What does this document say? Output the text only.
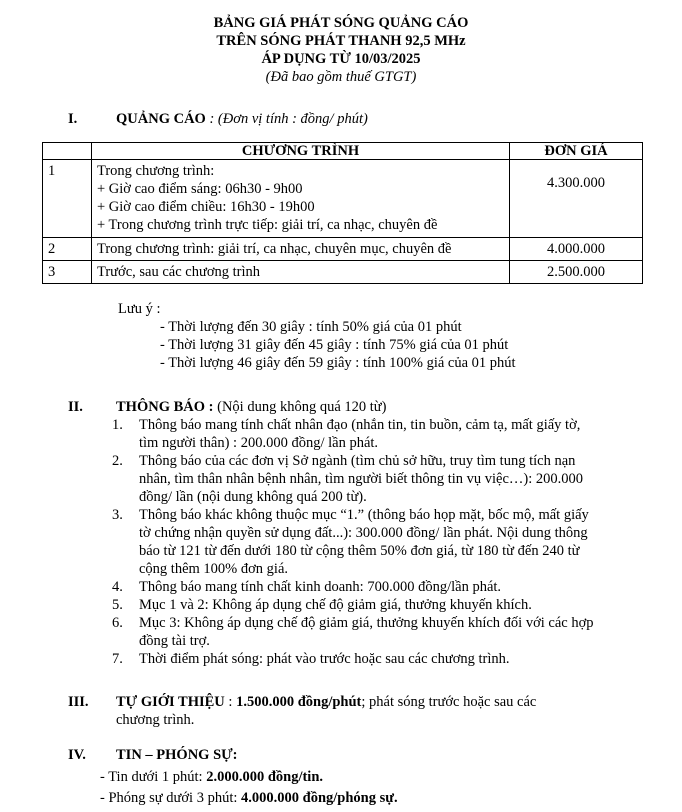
BẢNG GIÁ PHÁT SÓNG QUẢNG CÁO
TRÊN SÓNG PHÁT THANH 92,5 MHz
ÁP DỤNG TỪ 10/03/2025
(Đã bao gồm thuế GTGT)
I.	QUẢNG CÁO : (Đơn vị tính : đồng/ phút)
	CHƯƠNG TRÌNH	ĐƠN GIÁ
1	Trong chương trình:
+ Giờ cao điểm sáng: 06h30 - 9h00
+ Giờ cao điểm chiều: 16h30 - 19h00
+ Trong chương trình trực tiếp: giải trí, ca nhạc, chuyên đề	4.300.000
2	Trong chương trình: giải trí, ca nhạc, chuyên mục, chuyên đề	4.000.000
3	Trước, sau các chương trình	2.500.000
Lưu ý :
- Thời lượng đến 30 giây : tính 50% giá của 01 phút
- Thời lượng 31 giây đến 45 giây : tính 75% giá của 01 phút
- Thời lượng 46 giây đến 59 giây : tính 100% giá của 01 phút
II. THÔNG BÁO : (Nội dung không quá 120 từ)
1. Thông báo mang tính chất nhân đạo (nhắn tin, tin buồn, cảm tạ, mất giấy tờ, tìm người thân) : 200.000 đồng/ lần phát.
2. Thông báo của các đơn vị Sở ngành (tìm chủ sở hữu, truy tìm tung tích nạn nhân, tìm thân nhân bệnh nhân, tìm người biết thông tin vụ việc…): 200.000 đồng/ lần (nội dung không quá 200 từ).
3. Thông báo khác không thuộc mục “1.” (thông báo họp mặt, bốc mộ, mất giấy tờ chứng nhận quyền sử dụng đất...): 300.000 đồng/ lần phát. Nội dung thông báo từ 121 từ đến dưới 180 từ cộng thêm 50% đơn giá, từ 180 từ đến 240 từ cộng thêm 100% đơn giá.
4. Thông báo mang tính chất kinh doanh: 700.000 đồng/lần phát.
5. Mục 1 và 2: Không áp dụng chế độ giảm giá, thưởng khuyến khích.
6. Mục 3: Không áp dụng chế độ giảm giá, thưởng khuyến khích đối với các hợp đồng tài trợ.
7. Thời điểm phát sóng: phát vào trước hoặc sau các chương trình.
III. TỰ GIỚI THIỆU : 1.500.000 đồng/phút; phát sóng trước hoặc sau các
chương trình.
IV. TIN – PHÓNG SỰ:
- Tin dưới 1 phút: 2.000.000 đồng/tin.
- Phóng sự dưới 3 phút: 4.000.000 đồng/phóng sự.
